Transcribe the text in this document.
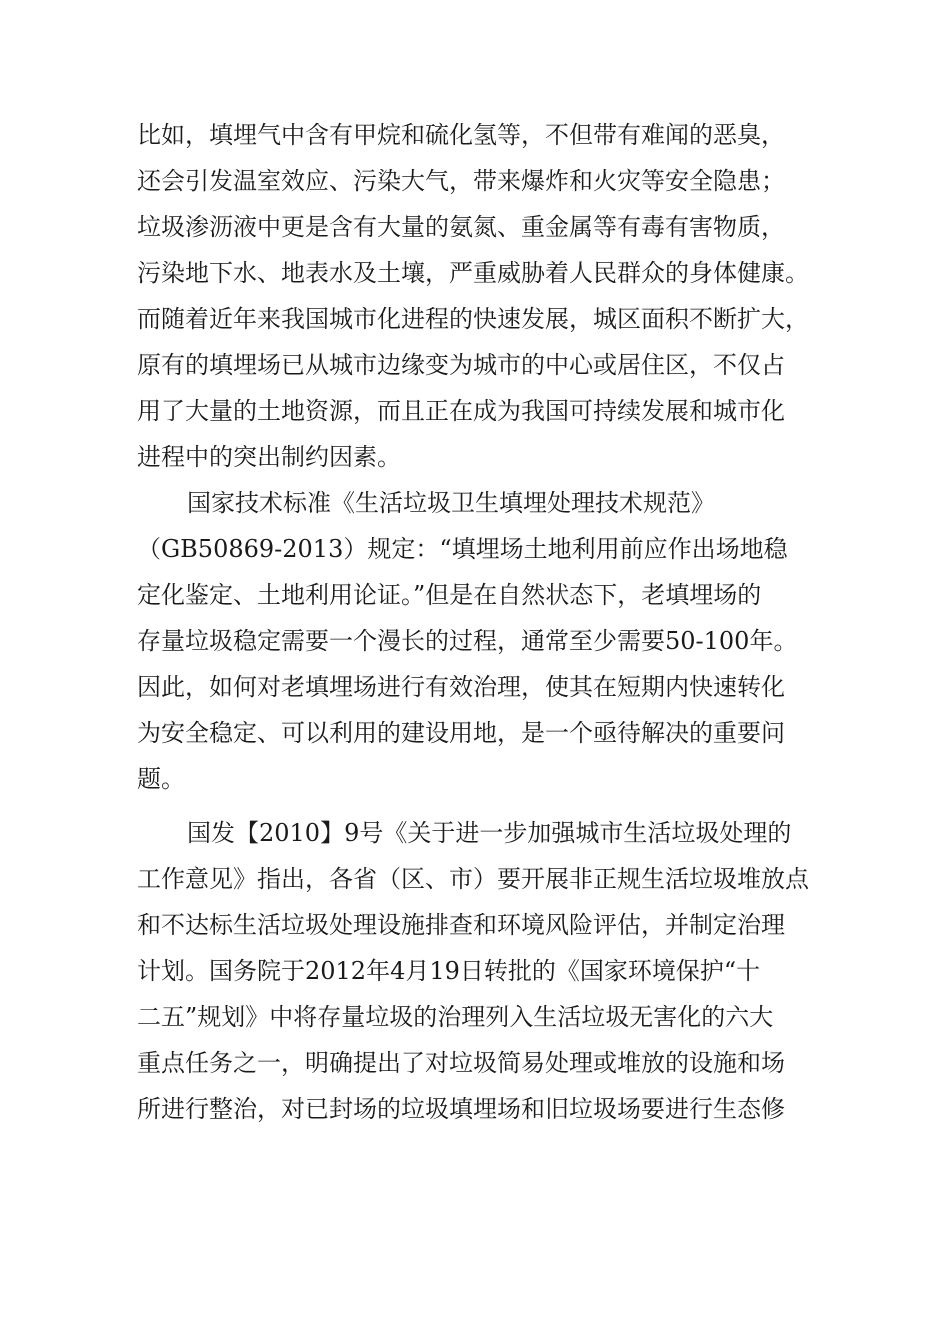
比如，填埋气中含有甲烷和硫化氢等，不但带有难闻的恶臭，
还会引发温室效应、污染大气，带来爆炸和火灾等安全隐患；
垃圾渗沥液中更是含有大量的氨氮、重金属等有毒有害物质，
污染地下水、地表水及土壤，严重威胁着人民群众的身体健康。
而随着近年来我国城市化进程的快速发展，城区面积不断扩大，
原有的填埋场已从城市边缘变为城市的中心或居住区，不仅占
用了大量的土地资源，而且正在成为我国可持续发展和城市化
进程中的突出制约因素。
国家技术标准《生活垃圾卫生填埋处理技术规范》
（GB50869-2013）规定：“填埋场土地利用前应作出场地稳
定化鉴定、土地利用论证。”但是在自然状态下，老填埋场的
存量垃圾稳定需要一个漫长的过程，通常至少需要50-100年。
因此，如何对老填埋场进行有效治理，使其在短期内快速转化
为安全稳定、可以利用的建设用地，是一个亟待解决的重要问
题。
国发【2010】9号《关于进一步加强城市生活垃圾处理的
工作意见》指出，各省（区、市）要开展非正规生活垃圾堆放点
和不达标生活垃圾处理设施排查和环境风险评估，并制定治理
计划。国务院于2012年4月19日转批的《国家环境保护“十
二五”规划》中将存量垃圾的治理列入生活垃圾无害化的六大
重点任务之一，明确提出了对垃圾简易处理或堆放的设施和场
所进行整治，对已封场的垃圾填埋场和旧垃圾场要进行生态修
